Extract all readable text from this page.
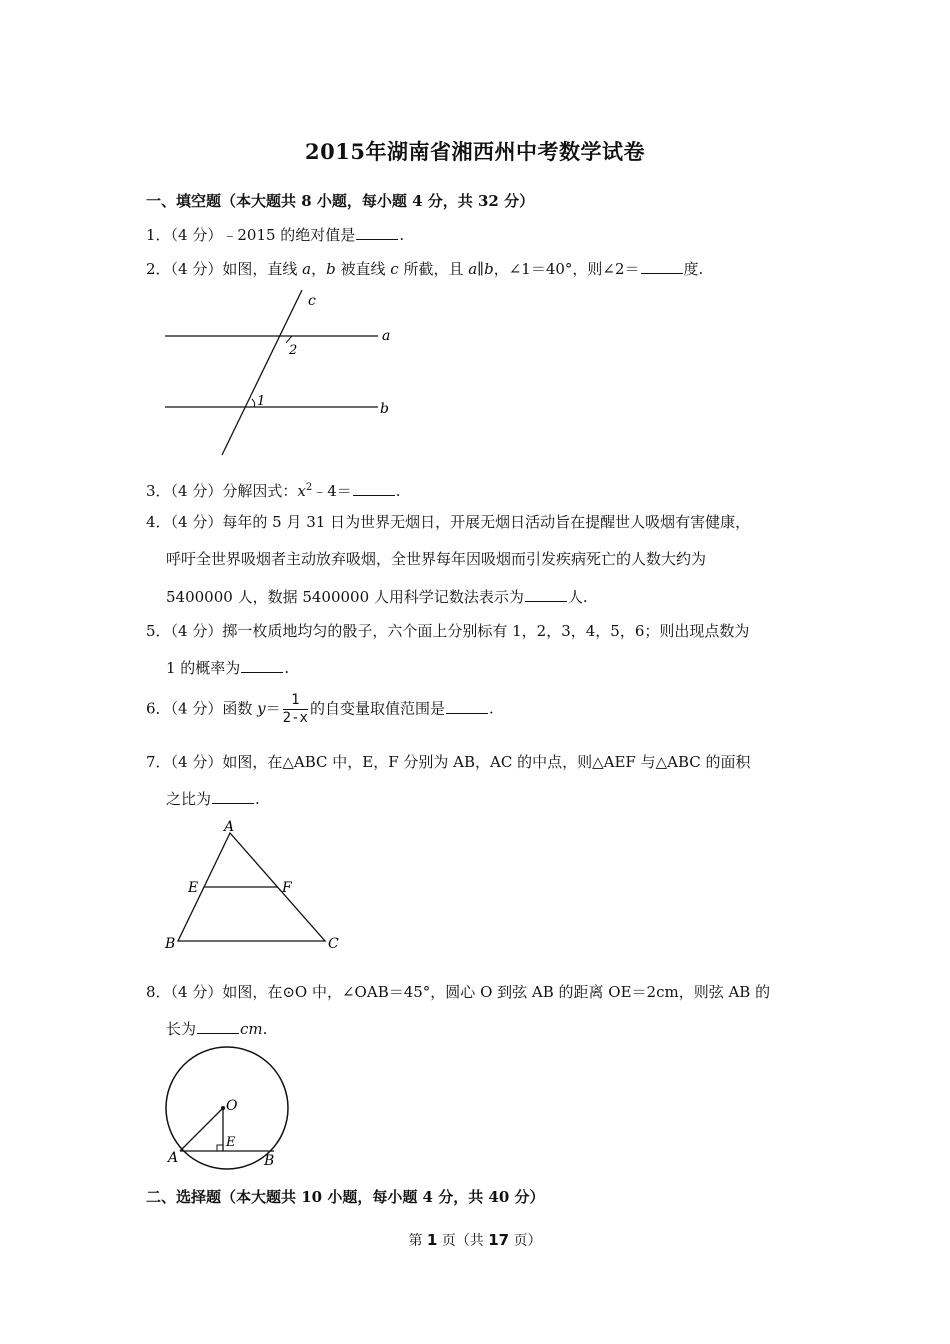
2015年湖南省湘西州中考数学试卷
一、填空题（本大题共 8 小题，每小题 4 分，共 32 分）
1．（4 分）﹣2015 的绝对值是	.
2．（4 分）如图，直线 a，b 被直线 c 所截，且 a∥b，∠1＝40°，则∠2＝	度.
c
a
b
2
1
3．（4 分）分解因式：$x^2﹣4=$	.
4．（4 分）每年的 5 月 31 日为世界无烟日，开展无烟日活动旨在提醒世人吸烟有害健康，
呼吁全世界吸烟者主动放弃吸烟，全世界每年因吸烟而引发疾病死亡的人数大约为
5400000 人，数据 5400000 人用科学记数法表示为	人.
5．（4 分）掷一枚质地均匀的骰子，六个面上分别标有 1，2，3，4，5，6；则出现点数为
1 的概率为	.
6．（4 分）函数 $y= \frac{1}{2-x}$ 的自变量取值范围是	.
7．（4 分）如图，在△ABC 中，E，F 分别为 AB，AC 的中点，则△AEF 与△ABC 的面积
之比为	.
A
B	C
E	F
8．（4 分）如图，在⊙O 中，∠OAB＝45°，圆心 O 到弦 AB 的距离 OE＝2cm，则弦 AB 的
长为	cm.
O
E
A	B
二、选择题（本大题共 10 小题，每小题 4 分，共 40 分）
第 1 页（共 17 页）
